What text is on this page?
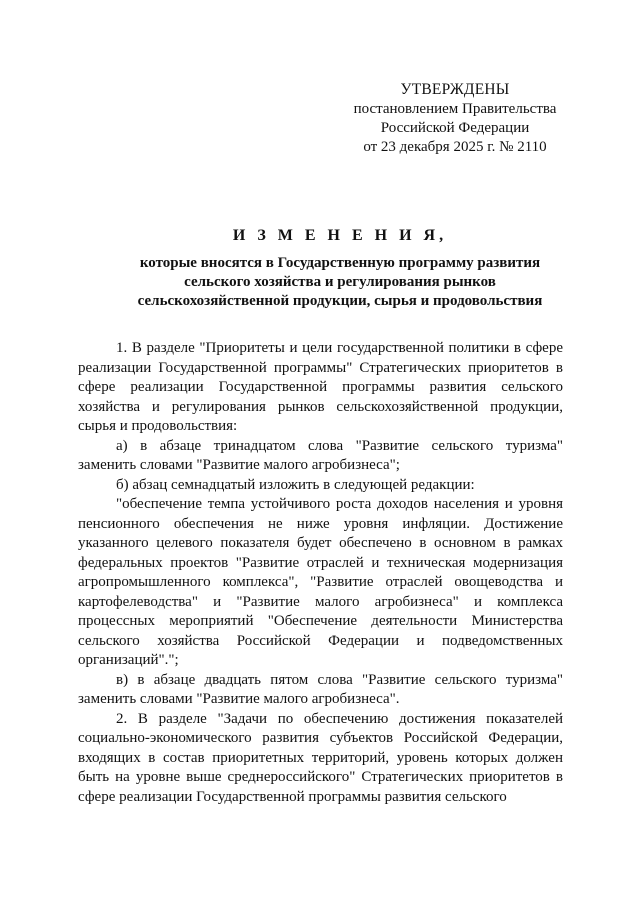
УТВЕРЖДЕНЫ
постановлением Правительства
Российской Федерации
от 23 декабря 2025 г. № 2110
И З М Е Н Е Н И Я,
которые вносятся в Государственную программу развития
сельского хозяйства и регулирования рынков
сельскохозяйственной продукции, сырья и продовольствия

1. В разделе "Приоритеты и цели государственной политики в сфере реализации Государственной программы" Стратегических приоритетов в сфере реализации Государственной программы развития сельского хозяйства и регулирования рынков сельскохозяйственной продукции, сырья и продовольствия:

а) в абзаце тринадцатом слова "Развитие сельского туризма" заменить словами "Развитие малого агробизнеса";

б) абзац семнадцатый изложить в следующей редакции:

"обеспечение темпа устойчивого роста доходов населения и уровня пенсионного обеспечения не ниже уровня инфляции. Достижение указанного целевого показателя будет обеспечено в основном в рамках федеральных проектов "Развитие отраслей и техническая модернизация агропромышленного комплекса", "Развитие отраслей овощеводства и картофелеводства" и "Развитие малого агробизнеса" и комплекса процессных мероприятий "Обеспечение деятельности Министерства сельского хозяйства Российской Федерации и подведомственных организаций".";

в) в абзаце двадцать пятом слова "Развитие сельского туризма" заменить словами "Развитие малого агробизнеса".

2. В разделе "Задачи по обеспечению достижения показателей социально-экономического развития субъектов Российской Федерации, входящих в состав приоритетных территорий, уровень которых должен быть на уровне выше среднероссийского" Стратегических приоритетов в сфере реализации Государственной программы развития сельского
